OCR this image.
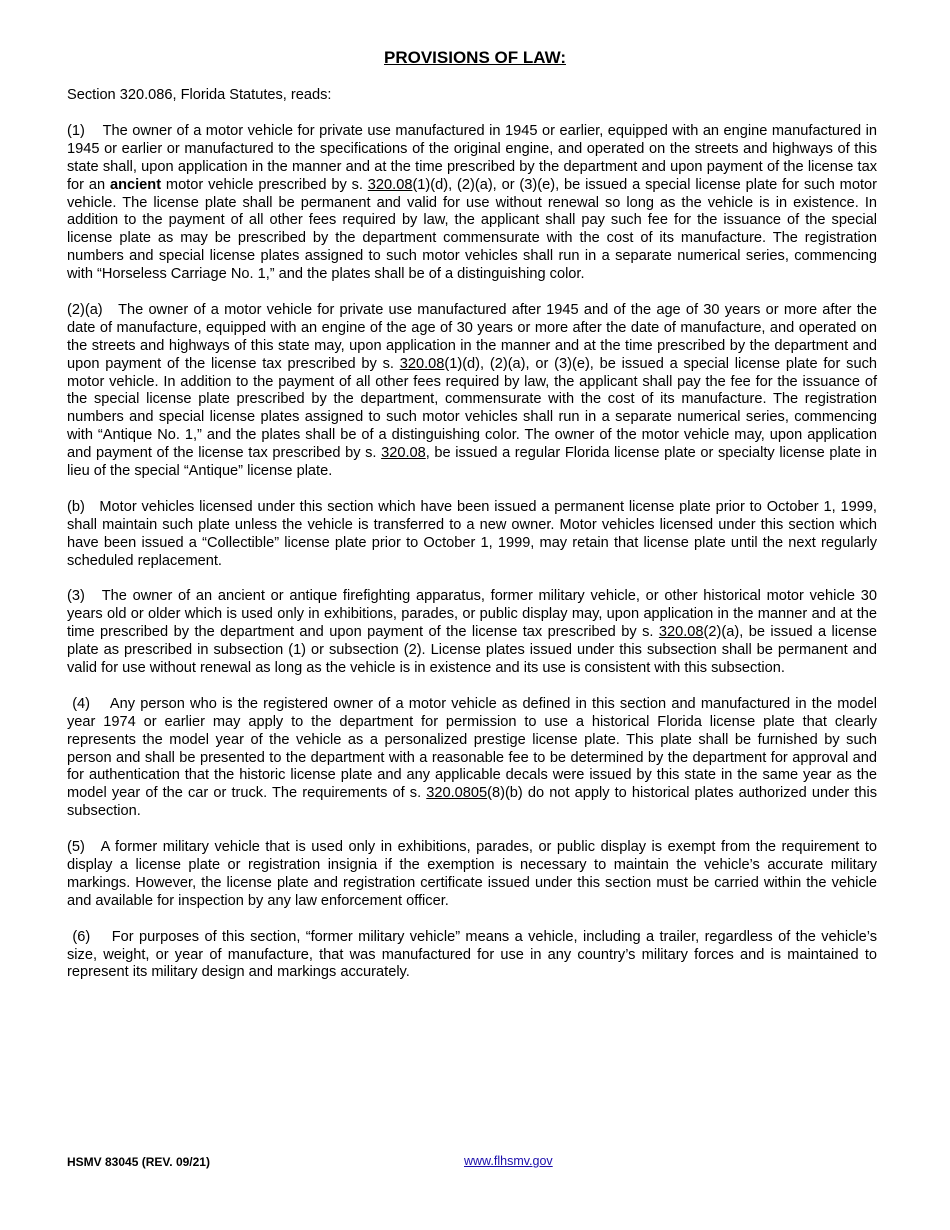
PROVISIONS OF LAW:

Section 320.086, Florida Statutes, reads:

(1) The owner of a motor vehicle for private use manufactured in 1945 or earlier, equipped with an engine manufactured in 1945 or earlier or manufactured to the specifications of the original engine, and operated on the streets and highways of this state shall, upon application in the manner and at the time prescribed by the department and upon payment of the license tax for an ancient motor vehicle prescribed by s. 320.08(1)(d), (2)(a), or (3)(e), be issued a special license plate for such motor vehicle. The license plate shall be permanent and valid for use without renewal so long as the vehicle is in existence. In addition to the payment of all other fees required by law, the applicant shall pay such fee for the issuance of the special license plate as may be prescribed by the department commensurate with the cost of its manufacture. The registration numbers and special license plates assigned to such motor vehicles shall run in a separate numerical series, commencing with “Horseless Carriage No. 1,” and the plates shall be of a distinguishing color.

(2)(a) The owner of a motor vehicle for private use manufactured after 1945 and of the age of 30 years or more after the date of manufacture, equipped with an engine of the age of 30 years or more after the date of manufacture, and operated on the streets and highways of this state may, upon application in the manner and at the time prescribed by the department and upon payment of the license tax prescribed by s. 320.08(1)(d), (2)(a), or (3)(e), be issued a special license plate for such motor vehicle. In addition to the payment of all other fees required by law, the applicant shall pay the fee for the issuance of the special license plate prescribed by the department, commensurate with the cost of its manufacture. The registration numbers and special license plates assigned to such motor vehicles shall run in a separate numerical series, commencing with “Antique No. 1,” and the plates shall be of a distinguishing color. The owner of the motor vehicle may, upon application and payment of the license tax prescribed by s. 320.08, be issued a regular Florida license plate or specialty license plate in lieu of the special “Antique” license plate.

(b) Motor vehicles licensed under this section which have been issued a permanent license plate prior to October 1, 1999, shall maintain such plate unless the vehicle is transferred to a new owner. Motor vehicles licensed under this section which have been issued a “Collectible” license plate prior to October 1, 1999, may retain that license plate until the next regularly scheduled replacement.

(3) The owner of an ancient or antique firefighting apparatus, former military vehicle, or other historical motor vehicle 30 years old or older which is used only in exhibitions, parades, or public display may, upon application in the manner and at the time prescribed by the department and upon payment of the license tax prescribed by s. 320.08(2)(a), be issued a license plate as prescribed in subsection (1) or subsection (2). License plates issued under this subsection shall be permanent and valid for use without renewal as long as the vehicle is in existence and its use is consistent with this subsection.

(4) Any person who is the registered owner of a motor vehicle as defined in this section and manufactured in the model year 1974 or earlier may apply to the department for permission to use a historical Florida license plate that clearly represents the model year of the vehicle as a personalized prestige license plate. This plate shall be furnished by such person and shall be presented to the department with a reasonable fee to be determined by the department for approval and for authentication that the historic license plate and any applicable decals were issued by this state in the same year as the model year of the car or truck. The requirements of s. 320.0805(8)(b) do not apply to historical plates authorized under this subsection.

(5) A former military vehicle that is used only in exhibitions, parades, or public display is exempt from the requirement to display a license plate or registration insignia if the exemption is necessary to maintain the vehicle’s accurate military markings. However, the license plate and registration certificate issued under this section must be carried within the vehicle and available for inspection by any law enforcement officer.

(6) For purposes of this section, “former military vehicle” means a vehicle, including a trailer, regardless of the vehicle’s size, weight, or year of manufacture, that was manufactured for use in any country’s military forces and is maintained to represent its military design and markings accurately.

HSMV 83045 (REV. 09/21)	www.flhsmv.gov
